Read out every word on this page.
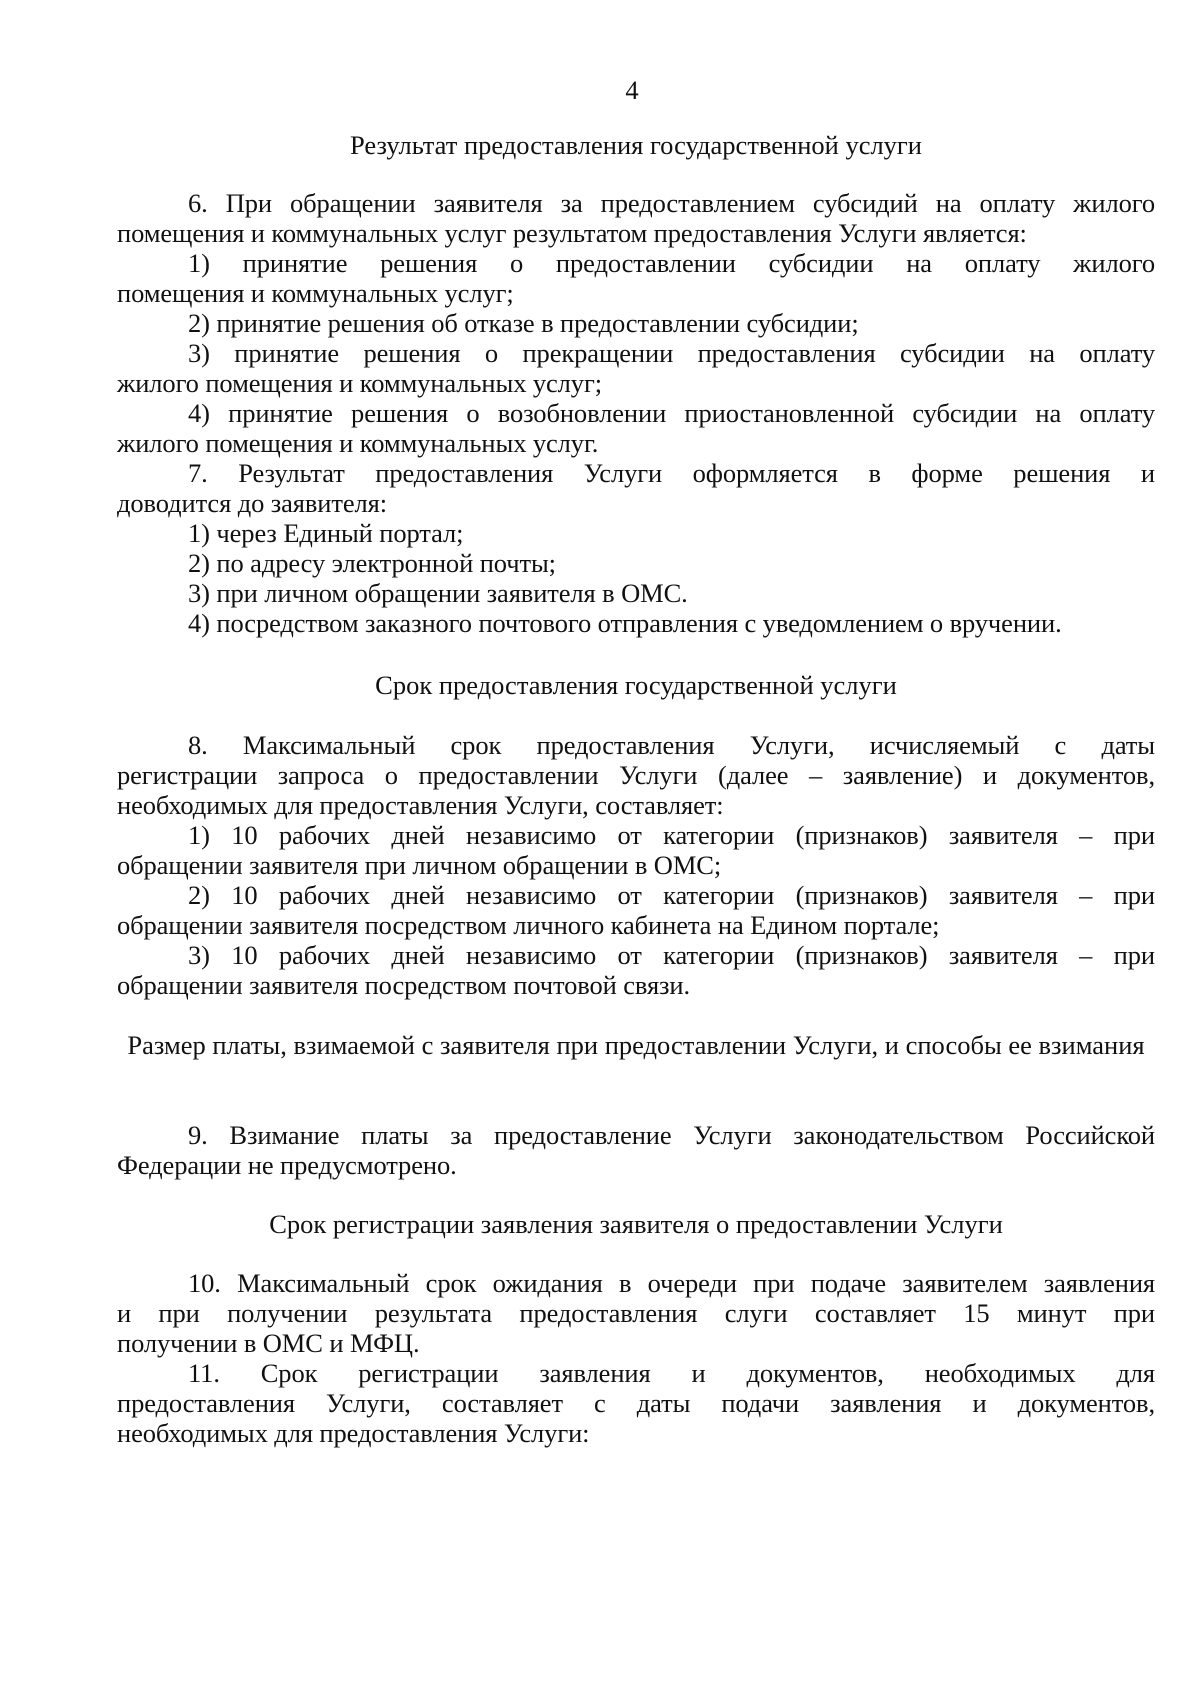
4
Результат предоставления государственной услуги
6. При обращении заявителя за предоставлением субсидий на оплату жилого
помещения и коммунальных услуг результатом предоставления Услуги является:
1) принятие решения о предоставлении субсидии на оплату жилого
помещения и коммунальных услуг;
2) принятие решения об отказе в предоставлении субсидии;
3) принятие решения о прекращении предоставления субсидии на оплату
жилого помещения и коммунальных услуг;
4) принятие решения о возобновлении приостановленной субсидии на оплату
жилого помещения и коммунальных услуг.
7. Результат предоставления Услуги оформляется в форме решения и
доводится до заявителя:
1) через Единый портал;
2) по адресу электронной почты;
3) при личном обращении заявителя в ОМС.
4) посредством заказного почтового отправления с уведомлением о вручении.
Срок предоставления государственной услуги
8. Максимальный срок предоставления Услуги, исчисляемый с даты
регистрации запроса о предоставлении Услуги (далее – заявление) и документов,
необходимых для предоставления Услуги, составляет:
1) 10 рабочих дней независимо от категории (признаков) заявителя – при
обращении заявителя при личном обращении в ОМС;
2) 10 рабочих дней независимо от категории (признаков) заявителя – при
обращении заявителя посредством личного кабинета на Едином портале;
3) 10 рабочих дней независимо от категории (признаков) заявителя – при
обращении заявителя посредством почтовой связи.
Размер платы, взимаемой с заявителя при предоставлении Услуги, и способы ее взимания
9. Взимание платы за предоставление Услуги законодательством Российской
Федерации не предусмотрено.
Срок регистрации заявления заявителя о предоставлении Услуги
10. Максимальный срок ожидания в очереди при подаче заявителем заявления
и при получении результата предоставления слуги составляет 15 минут при
получении в ОМС и МФЦ.
11. Срок регистрации заявления и документов, необходимых для
предоставления Услуги, составляет с даты подачи заявления и документов,
необходимых для предоставления Услуги:
